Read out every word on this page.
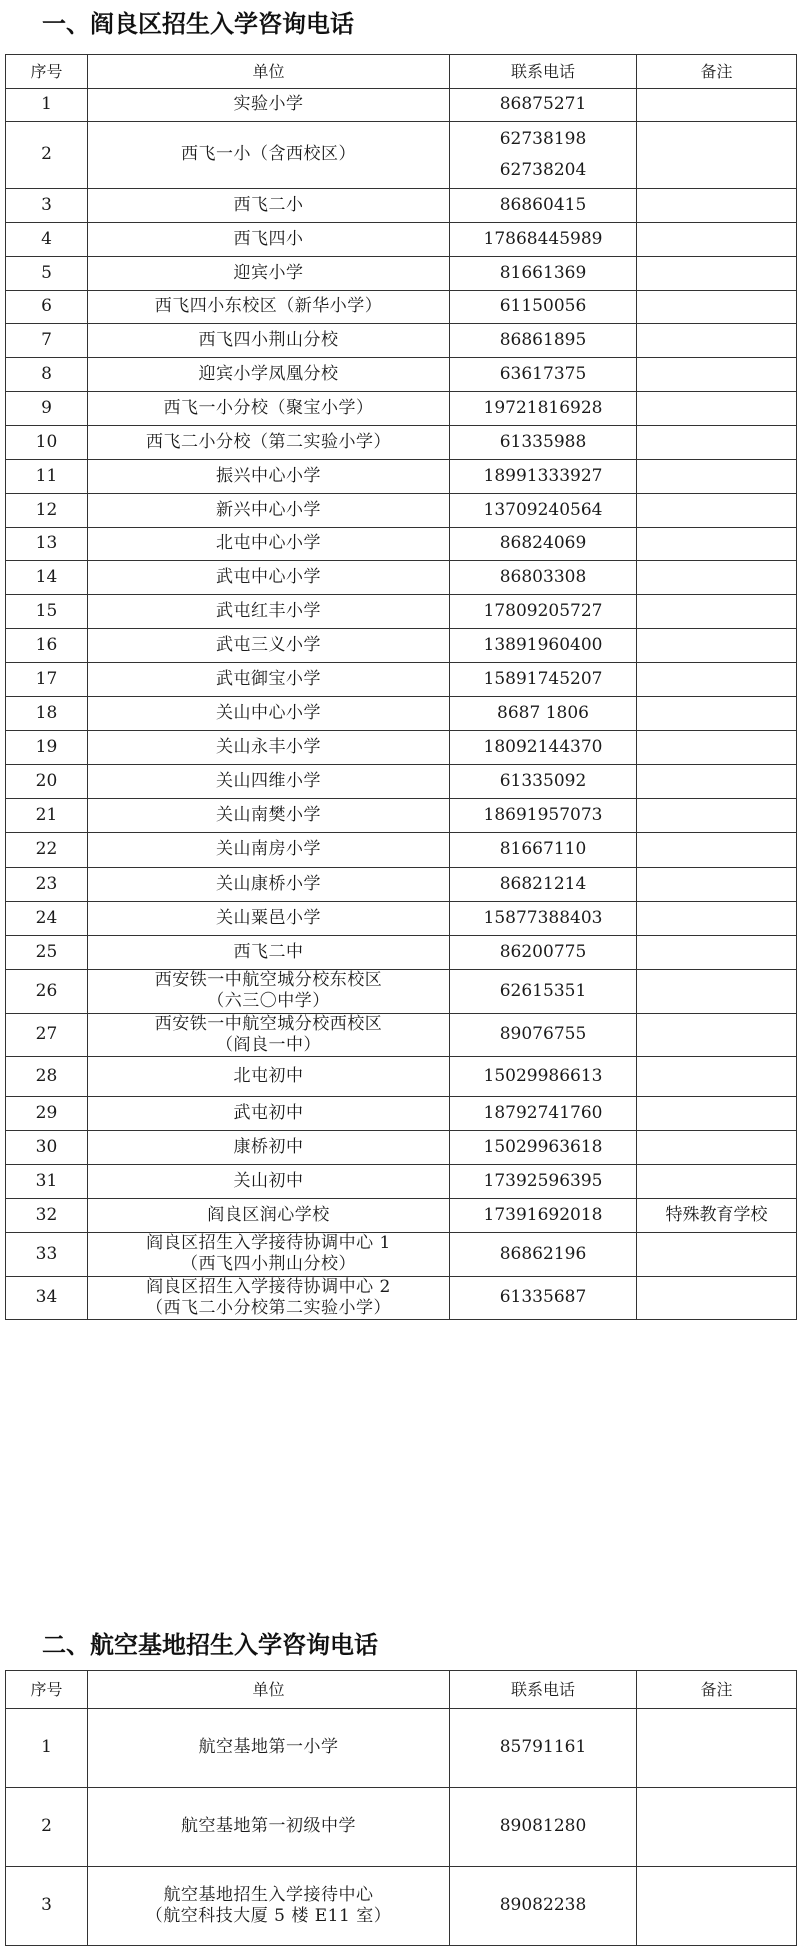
一、阎良区招生入学咨询电话
序号	单位	联系电话	备注
1	实验小学	86875271	

2	西飞一小（含西校区）	62738198
62738204	

3	西飞二小	86860415	

4	西飞四小	17868445989	

5	迎宾小学	81661369	

6	西飞四小东校区（新华小学）	61150056	

7	西飞四小荆山分校	86861895	

8	迎宾小学凤凰分校	63617375	

9	西飞一小分校（聚宝小学）	19721816928	

10	西飞二小分校（第二实验小学）	61335988	

11	振兴中心小学	18991333927	

12	新兴中心小学	13709240564	

13	北屯中心小学	86824069	

14	武屯中心小学	86803308	

15	武屯红丰小学	17809205727	

16	武屯三义小学	13891960400	

17	武屯御宝小学	15891745207	

18	关山中心小学	8687 1806	

19	关山永丰小学	18092144370	

20	关山四维小学	61335092	

21	关山南樊小学	18691957073	

22	关山南房小学	81667110	

23	关山康桥小学	86821214	

24	关山粟邑小学	15877388403	

25	西飞二中	86200775	

26	西安铁一中航空城分校东校区
（六三〇中学）	62615351	

27	西安铁一中航空城分校西校区
（阎良一中）	89076755	

28	北屯初中	15029986613	

29	武屯初中	18792741760	

30	康桥初中	15029963618	

31	关山初中	17392596395	

32	阎良区润心学校	17391692018	特殊教育学校
33	阎良区招生入学接待协调中心 1
（西飞四小荆山分校）	86862196	

34	阎良区招生入学接待协调中心 2
（西飞二小分校第二实验小学）	61335687	

二、航空基地招生入学咨询电话
序号	单位	联系电话	备注
1	航空基地第一小学	85791161	

2	航空基地第一初级中学	89081280	

3	航空基地招生入学接待中心
（航空科技大厦 5 楼 E11 室）	89082238	
